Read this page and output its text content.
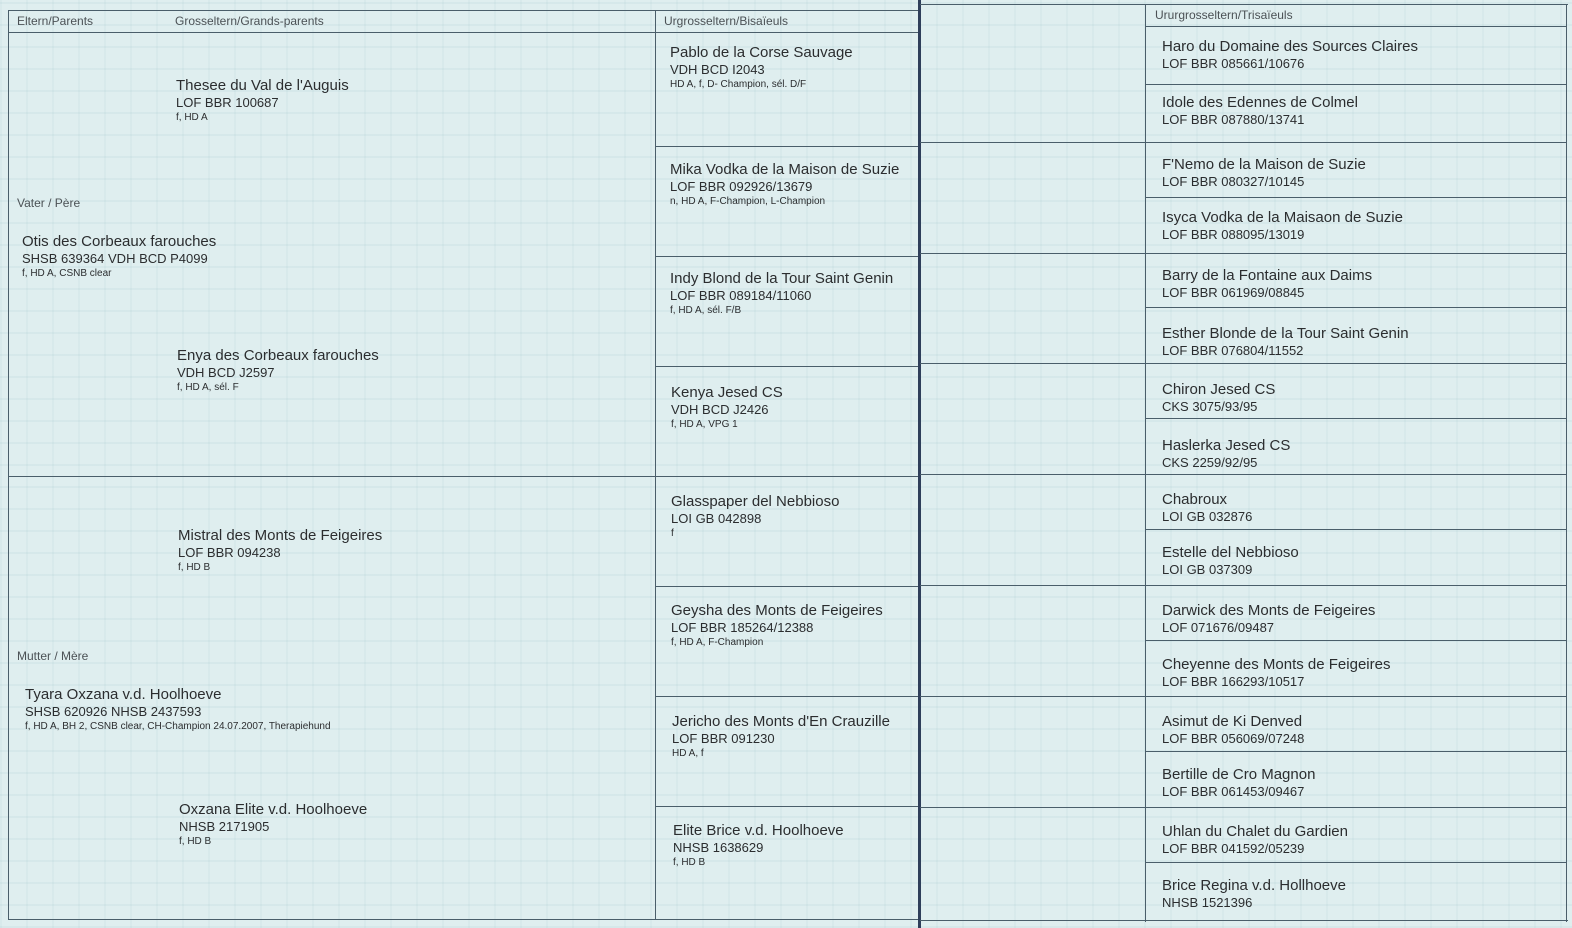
Eltern/Parents	Grosseltern/Grands-parents	Urgrosseltern/Bisaïeuls	Ururgrosseltern/Trisaïeuls
Vater / Père
Mutter / Mère
Otis des Corbeaux farouches
SHSB 639364 VDH BCD P4099
f, HD A, CSNB clear
Tyara Oxzana v.d. Hoolhoeve
SHSB 620926 NHSB 2437593
f, HD A, BH 2, CSNB clear, CH-Champion 24.07.2007, Therapiehund
Thesee du Val de l'Auguis
LOF BBR 100687
f, HD A
Enya des Corbeaux farouches
VDH BCD J2597
f, HD A, sél. F
Mistral des Monts de Feigeires
LOF BBR 094238
f, HD B
Oxzana Elite v.d. Hoolhoeve
NHSB 2171905
f, HD B
Pablo de la Corse Sauvage
VDH BCD I2043
HD A, f, D- Champion, sél. D/F
Mika Vodka de la Maison de Suzie
LOF BBR 092926/13679
n, HD A, F-Champion, L-Champion
Indy Blond de la Tour Saint Genin
LOF BBR 089184/11060
f, HD A, sél. F/B
Kenya Jesed CS
VDH BCD J2426
f, HD A, VPG 1
Glasspaper del Nebbioso
LOI GB 042898
f
Geysha des Monts de Feigeires
LOF BBR 185264/12388
f, HD A, F-Champion
Jericho des Monts d'En Crauzille
LOF BBR 091230
HD A, f
Elite Brice v.d. Hoolhoeve
NHSB 1638629
f, HD B
Haro du Domaine des Sources Claires
LOF BBR 085661/10676
Idole des Edennes de Colmel
LOF BBR 087880/13741
F'Nemo de la Maison de Suzie
LOF BBR 080327/10145
Isyca Vodka de la Maisaon de Suzie
LOF BBR 088095/13019
Barry de la Fontaine aux Daims
LOF BBR 061969/08845
Esther Blonde de la Tour Saint Genin
LOF BBR 076804/11552
Chiron Jesed CS
CKS 3075/93/95
Haslerka Jesed CS
CKS 2259/92/95
Chabroux
LOI GB 032876
Estelle del Nebbioso
LOI GB 037309
Darwick des Monts de Feigeires
LOF 071676/09487
Cheyenne des Monts de Feigeires
LOF BBR 166293/10517
Asimut de Ki Denved
LOF BBR 056069/07248
Bertille de Cro Magnon
LOF BBR 061453/09467
Uhlan du Chalet du Gardien
LOF BBR 041592/05239
Brice Regina v.d. Hollhoeve
NHSB 1521396
